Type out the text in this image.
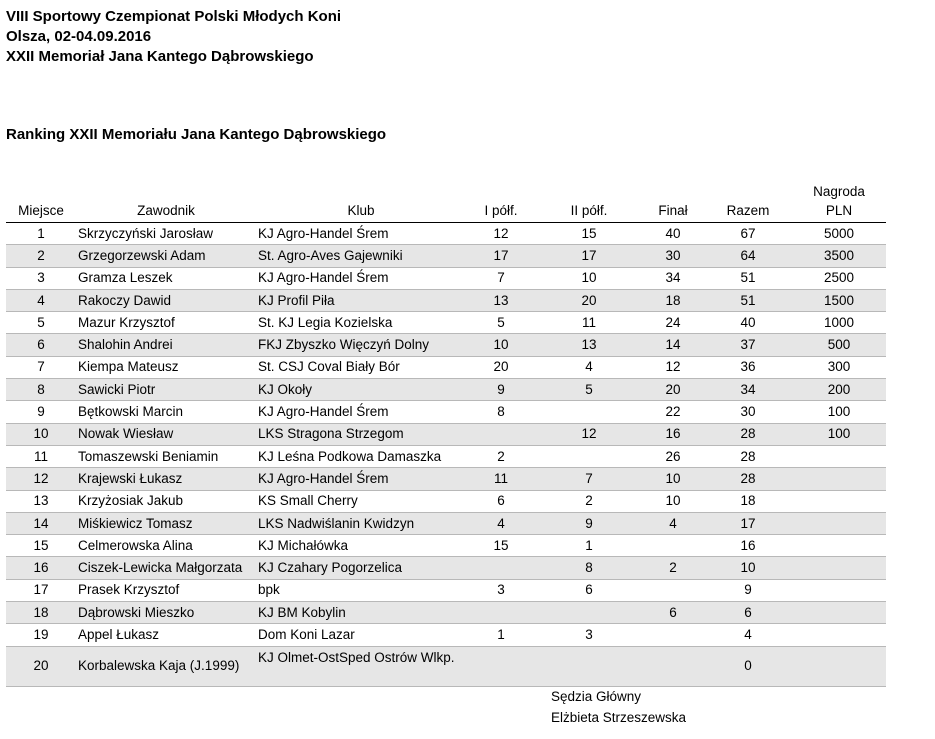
VIII Sportowy Czempionat Polski Młodych Koni
Olsza, 02-04.09.2016
XXII Memoriał Jana Kantego Dąbrowskiego
Ranking XXII Memoriału Jana Kantego Dąbrowskiego
Miejsce	Zawodnik	Klub	I półf.	II półf.	Finał	Razem	Nagroda
PLN
1	Skrzyczyński Jarosław	KJ Agro-Handel Śrem	12	15	40	67	5000
2	Grzegorzewski Adam	St. Agro-Aves Gajewniki	17	17	30	64	3500
3	Gramza Leszek	KJ Agro-Handel Śrem	7	10	34	51	2500
4	Rakoczy Dawid	KJ Profil Piła	13	20	18	51	1500
5	Mazur Krzysztof	St. KJ Legia Kozielska	5	11	24	40	1000
6	Shalohin Andrei	FKJ Zbyszko Więczyń Dolny	10	13	14	37	500
7	Kiempa Mateusz	St. CSJ Coval Biały Bór	20	4	12	36	300
8	Sawicki Piotr	KJ Okoły	9	5	20	34	200
9	Bętkowski Marcin	KJ Agro-Handel Śrem	8		22	30	100
10	Nowak Wiesław	LKS Stragona Strzegom		12	16	28	100
11	Tomaszewski Beniamin	KJ Leśna Podkowa Damaszka	2		26	28	
12	Krajewski Łukasz	KJ Agro-Handel Śrem	11	7	10	28	
13	Krzyżosiak Jakub	KS Small Cherry	6	2	10	18	
14	Miśkiewicz Tomasz	LKS Nadwiślanin Kwidzyn	4	9	4	17	
15	Celmerowska Alina	KJ Michałówka	15	1		16	
16	Ciszek-Lewicka Małgorzata	KJ Czahary Pogorzelica		8	2	10	
17	Prasek Krzysztof	bpk	3	6		9	
18	Dąbrowski Mieszko	KJ BM Kobylin			6	6	
19	Appel Łukasz	Dom Koni Lazar	1	3		4	
20	Korbalewska Kaja (J.1999)	KJ Olmet-OstSped Ostrów Wlkp.				0	
Sędzia Główny
Elżbieta Strzeszewska
